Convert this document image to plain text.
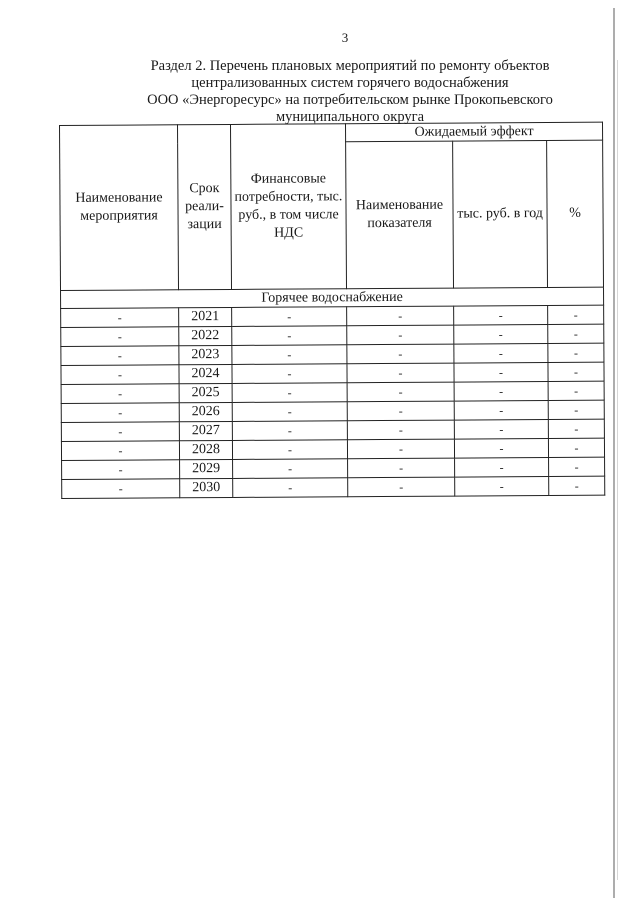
3
Раздел 2. Перечень плановых мероприятий по ремонту объектов
централизованных систем горячего водоснабжения
ООО «Энергоресурс» на потребительском рынке Прокопьевского
муниципального округа
Наименование мероприятия	Срок реали-зации	Финансовые потребности, тыс. руб., в том числе НДС	Ожидаемый эффект		
			Наименование показателя	тыс. руб. в год	%
Горячее водоснабжение					
-	2021	-	-	-	-
-	2022	-	-	-	-
-	2023	-	-	-	-
-	2024	-	-	-	-
-	2025	-	-	-	-
-	2026	-	-	-	-
-	2027	-	-	-	-
-	2028	-	-	-	-
-	2029	-	-	-	-
-	2030	-	-	-	-
